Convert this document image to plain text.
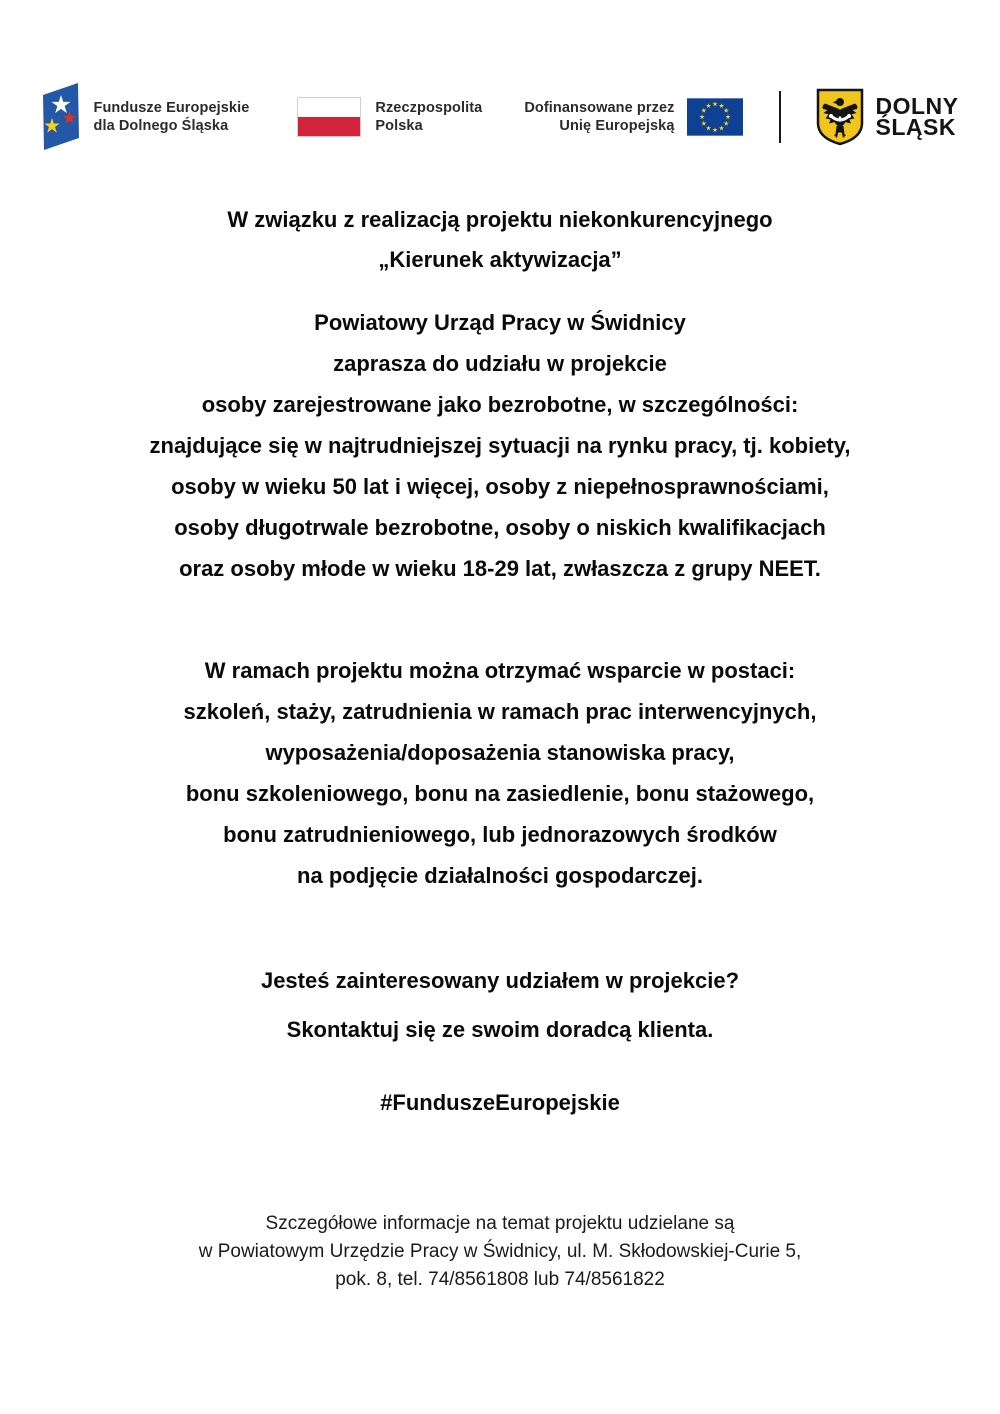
Fundusze Europejskie
dla Dolnego Śląska
Rzeczpospolita
Polska
Dofinansowane przez
Unię Europejską
DOLNY
ŚLĄSK
W związku z realizacją projektu niekonkurencyjnego
„Kierunek aktywizacja”
Powiatowy Urząd Pracy w Świdnicy
zaprasza do udziału w projekcie
osoby zarejestrowane jako bezrobotne, w szczególności:
znajdujące się w najtrudniejszej sytuacji na rynku pracy, tj. kobiety,
osoby w wieku 50 lat i więcej, osoby z niepełnosprawnościami,
osoby długotrwale bezrobotne, osoby o niskich kwalifikacjach
oraz osoby młode w wieku 18-29 lat, zwłaszcza z grupy NEET.
W ramach projektu można otrzymać wsparcie w postaci:
szkoleń, staży, zatrudnienia w ramach prac interwencyjnych,
wyposażenia/doposażenia stanowiska pracy,
bonu szkoleniowego, bonu na zasiedlenie, bonu stażowego,
bonu zatrudnieniowego, lub jednorazowych środków
na podjęcie działalności gospodarczej.
Jesteś zainteresowany udziałem w projekcie?
Skontaktuj się ze swoim doradcą klienta.
#FunduszeEuropejskie
Szczegółowe informacje na temat projektu udzielane są
w Powiatowym Urzędzie Pracy w Świdnicy, ul. M. Skłodowskiej-Curie 5,
pok. 8, tel. 74/8561808 lub 74/8561822
